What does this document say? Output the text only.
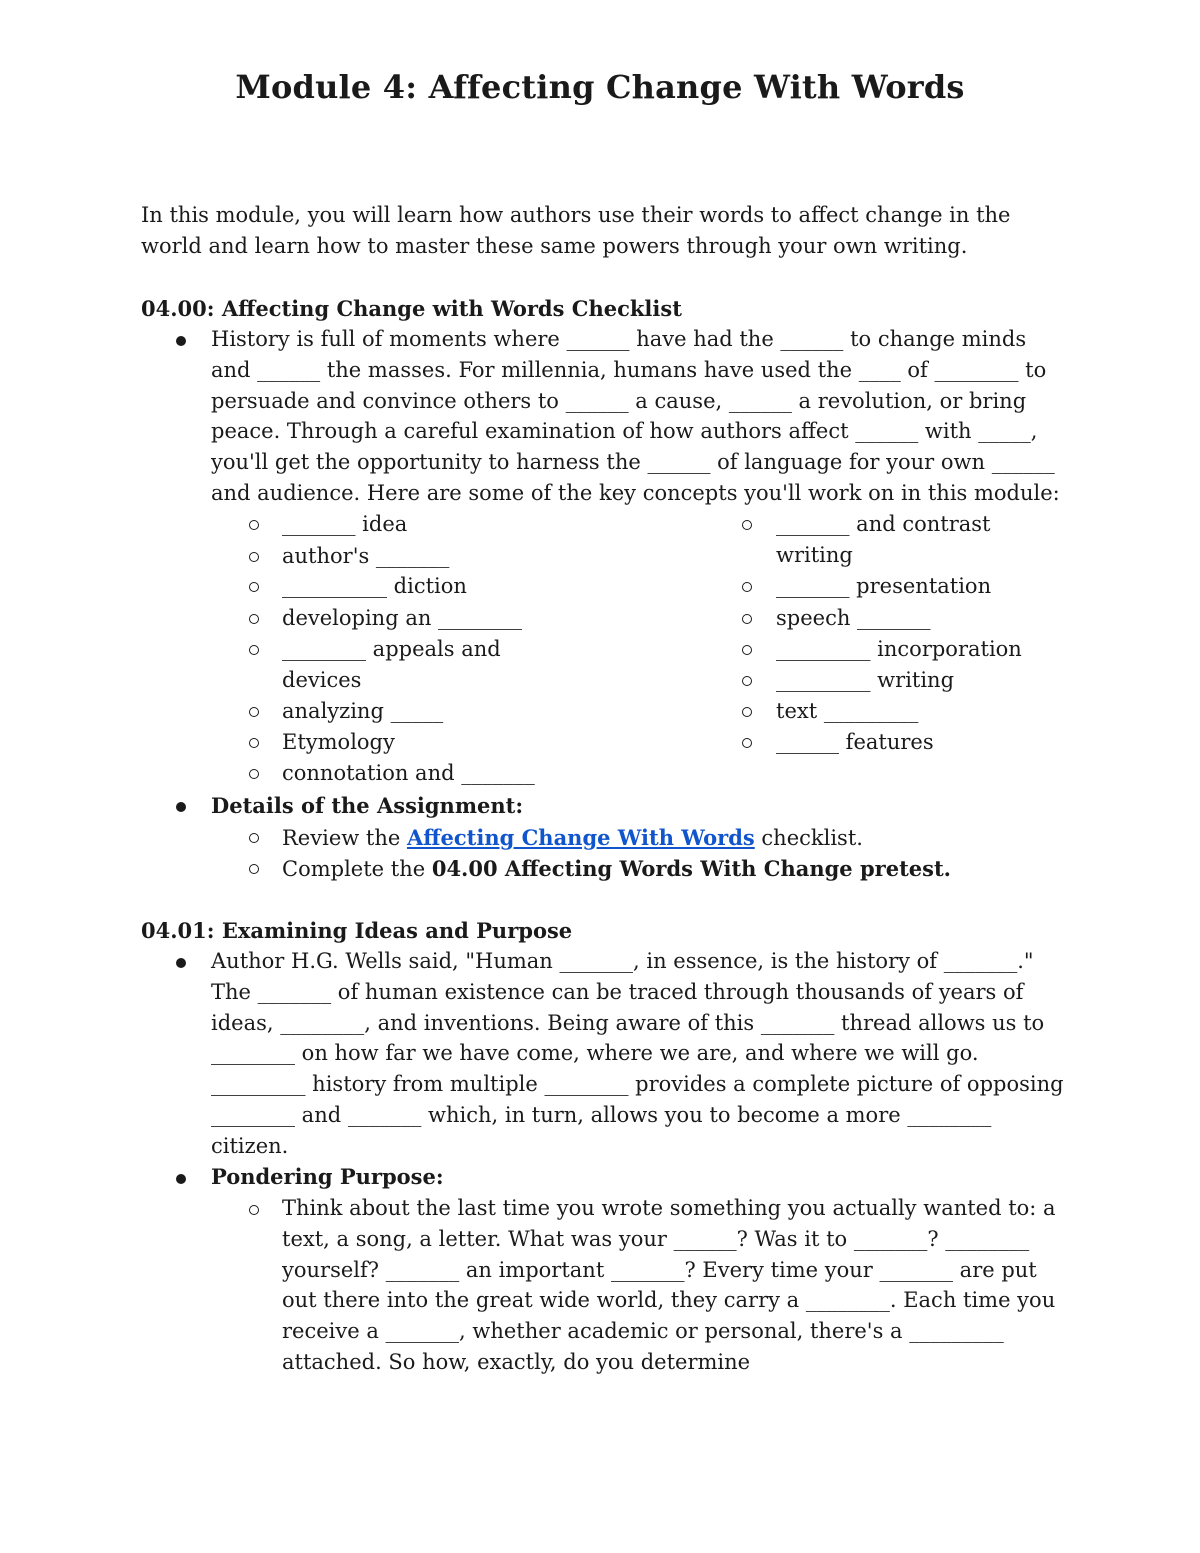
Module 4: Affecting Change With Words
In this module, you will learn how authors use their words to affect change in the world and learn how to master these same powers through your own writing.
04.00: Affecting Change with Words Checklist
History is full of moments where ______ have had the ______ to change minds and ______ the masses. For millennia, humans have used the ____ of ________ to persuade and convince others to ______ a cause, ______ a revolution, or bring peace. Through a careful examination of how authors affect ______ with _____, you'll get the opportunity to harness the ______ of language for your own ______ and audience. Here are some of the key concepts you'll work on in this module:
_______ idea
author's _______
__________ diction
developing an ________
________ appeals and devices
analyzing _____
Etymology
connotation and _______
_______ and contrast writing
_______ presentation
speech _______
_________ incorporation
_________ writing
text _________
______ features
Details of the Assignment:
Review the Affecting Change With Words checklist.
Complete the 04.00 Affecting Words With Change pretest.
04.01: Examining Ideas and Purpose
Author H.G. Wells said, "Human _______, in essence, is the history of _______." The _______ of human existence can be traced through thousands of years of ideas, ________, and inventions. Being aware of this _______ thread allows us to ________ on how far we have come, where we are, and where we will go. _________ history from multiple ________ provides a complete picture of opposing ________ and _______ which, in turn, allows you to become a more ________ citizen.
Pondering Purpose:
Think about the last time you wrote something you actually wanted to: a text, a song, a letter. What was your ______? Was it to _______? ________ yourself? _______ an important _______? Every time your _______ are put out there into the great wide world, they carry a ________. Each time you receive a _______, whether academic or personal, there's a _________ attached. So how, exactly, do you determine
